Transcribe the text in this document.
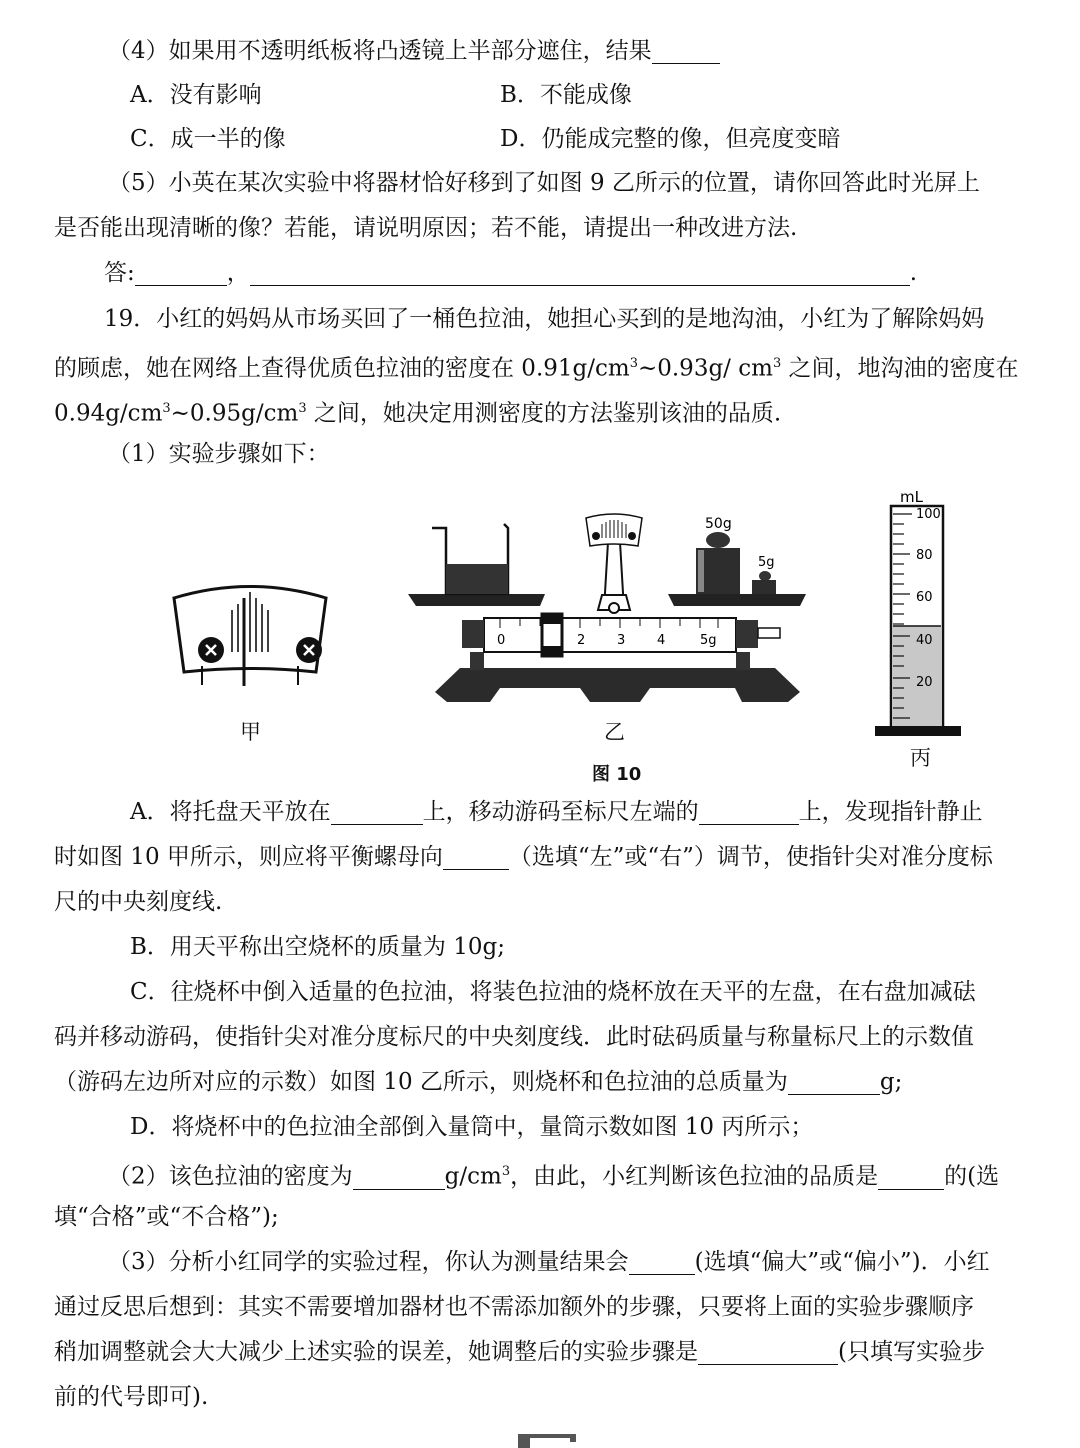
（4）如果用不透明纸板将凸透镜上半部分遮住，结果
A．没有影响	B．不能成像
C．成一半的像	D．仍能成完整的像，但亮度变暗
（5）小英在某次实验中将器材恰好移到了如图 9 乙所示的位置，请你回答此时光屏上
是否能出现清晰的像？若能，请说明原因；若不能，请提出一种改进方法.
答:	，	.
19．小红的妈妈从市场买回了一桶色拉油，她担心买到的是地沟油，小红为了解除妈妈
的顾虑，她在网络上查得优质色拉油的密度在 $0.91g/cm^3\sim 0.93g/$ $cm^3$ 之间，地沟油的密度在
$0.94g/cm^3\sim 0.95g/cm^3$ 之间，她决定用测密度的方法鉴别该油的品质.
（1）实验步骤如下：
0	2 3 4	5g
50g
5g
mL
100
80
60
40
20
甲	乙
丙
图 10
A．将托盘天平放在	上，移动游码至标尺左端的	上，发现指针静止
时如图 10 甲所示，则应将平衡螺母向	（选填“左”或“右”）调节，使指针尖对准分度标
尺的中央刻度线.
B．用天平称出空烧杯的质量为 10g;
C．往烧杯中倒入适量的色拉油，将装色拉油的烧杯放在天平的左盘，在右盘加减砝
码并移动游码，使指针尖对准分度标尺的中央刻度线．此时砝码质量与称量标尺上的示数值
（游码左边所对应的示数）如图 10 乙所示，则烧杯和色拉油的总质量为	g;
D．将烧杯中的色拉油全部倒入量筒中，量筒示数如图 10 丙所示；
（2）该色拉油的密度为	$g/cm^3$，由此，小红判断该色拉油的品质是	的(选
填“合格”或“不合格”);
（3）分析小红同学的实验过程，你认为测量结果会	(选填“偏大”或“偏小”)．小红
通过反思后想到：其实不需要增加器材也不需添加额外的步骤，只要将上面的实验步骤顺序
稍加调整就会大大减少上述实验的误差，她调整后的实验步骤是	(只填写实验步
前的代号即可).
